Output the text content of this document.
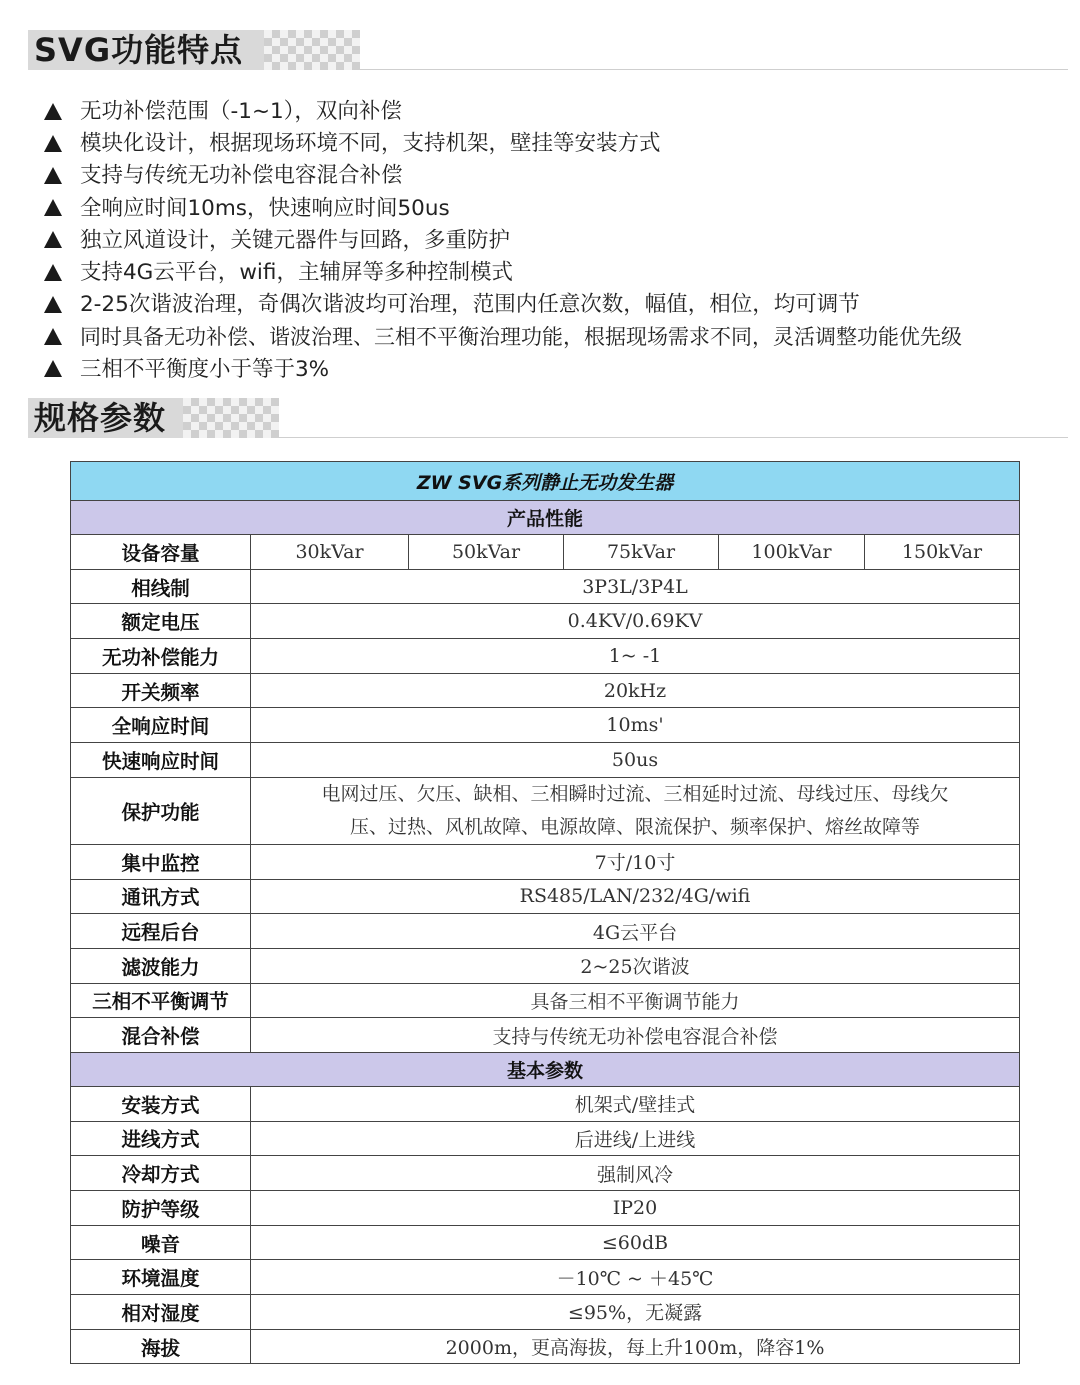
SVG功能特点
无功补偿范围（-1~1），双向补偿
模块化设计，根据现场环境不同，支持机架，壁挂等安装方式
支持与传统无功补偿电容混合补偿
全响应时间10ms，快速响应时间50us
独立风道设计，关键元器件与回路，多重防护
支持4G云平台，wifi，主辅屏等多种控制模式
2-25次谐波治理，奇偶次谐波均可治理，范围内任意次数，幅值，相位，均可调节
同时具备无功补偿、谐波治理、三相不平衡治理功能，根据现场需求不同，灵活调整功能优先级
三相不平衡度小于等于3%
规格参数
ZW SVG系列静止无功发生器					
产品性能					
设备容量	30kVar	50kVar	75kVar	100kVar	150kVar
相线制	3P3L/3P4L				
额定电压	0.4KV/0.69KV				
无功补偿能力	1~ -1				
开关频率	20kHz				
全响应时间	10ms'				
快速响应时间	50us				
保护功能	电网过压、欠压、缺相、三相瞬时过流、三相延时过流、母线过压、母线欠
压、过热、风机故障、电源故障、限流保护、频率保护、熔丝故障等				

集中监控	7寸/10寸				
通讯方式	RS485/LAN/232/4G/wifi				
远程后台	4G云平台				
滤波能力	2~25次谐波				
三相不平衡调节	具备三相不平衡调节能力				
混合补偿	支持与传统无功补偿电容混合补偿				
基本参数					
安装方式	机架式/壁挂式				
进线方式	后进线/上进线				
冷却方式	强制风冷				
防护等级	IP20				
噪音	≤60dB				
环境温度	－10℃ ~ ＋45℃				
相对湿度	≤95%，无凝露				
海拔	2000m，更高海拔，每上升100m，降容1%				
